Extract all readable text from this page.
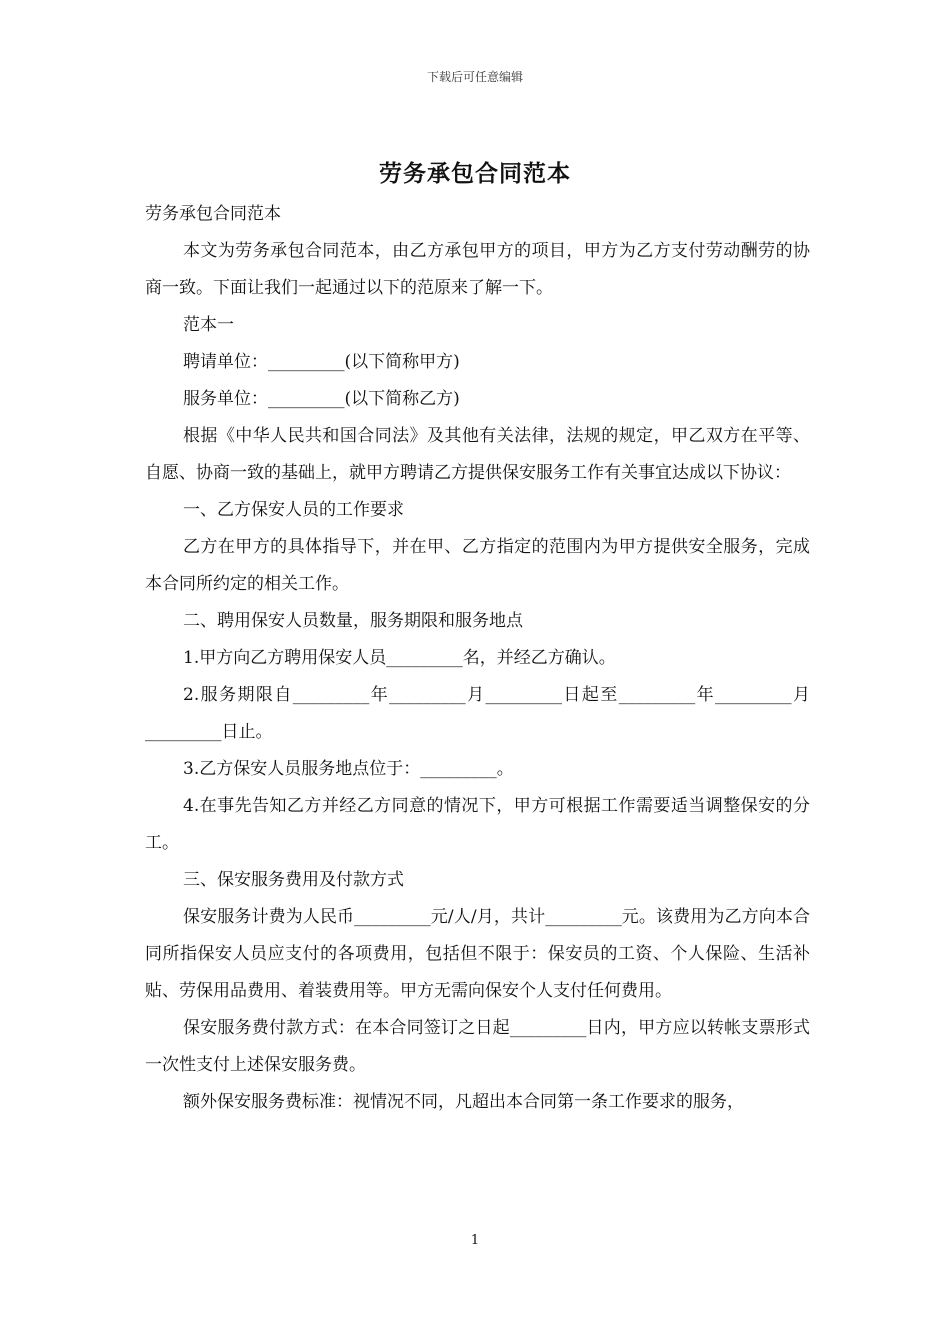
下载后可任意编辑
劳务承包合同范本

劳务承包合同范本

本文为劳务承包合同范本，由乙方承包甲方的项目，甲方为乙方支付劳动酬劳的协商一致。下面让我们一起通过以下的范原来了解一下。

范本一

聘请单位：_________(以下简称甲方)

服务单位：_________(以下简称乙方)

根据《中华人民共和国合同法》及其他有关法律，法规的规定，甲乙双方在平等、自愿、协商一致的基础上，就甲方聘请乙方提供保安服务工作有关事宜达成以下协议：

一、乙方保安人员的工作要求

乙方在甲方的具体指导下，并在甲、乙方指定的范围内为甲方提供安全服务，完成本合同所约定的相关工作。

二、聘用保安人员数量，服务期限和服务地点

1.甲方向乙方聘用保安人员_________名，并经乙方确认。

2.服务期限自_________年_________月_________日起至_________年_________月_________日止。

3.乙方保安人员服务地点位于：_________。

4.在事先告知乙方并经乙方同意的情况下，甲方可根据工作需要适当调整保安的分工。

三、保安服务费用及付款方式

保安服务计费为人民币_________元/人/月，共计_________元。该费用为乙方向本合同所指保安人员应支付的各项费用，包括但不限于：保安员的工资、个人保险、生活补贴、劳保用品费用、着装费用等。甲方无需向保安个人支付任何费用。

保安服务费付款方式：在本合同签订之日起_________日内，甲方应以转帐支票形式一次性支付上述保安服务费。

额外保安服务费标准：视情况不同，凡超出本合同第一条工作要求的服务，

1
